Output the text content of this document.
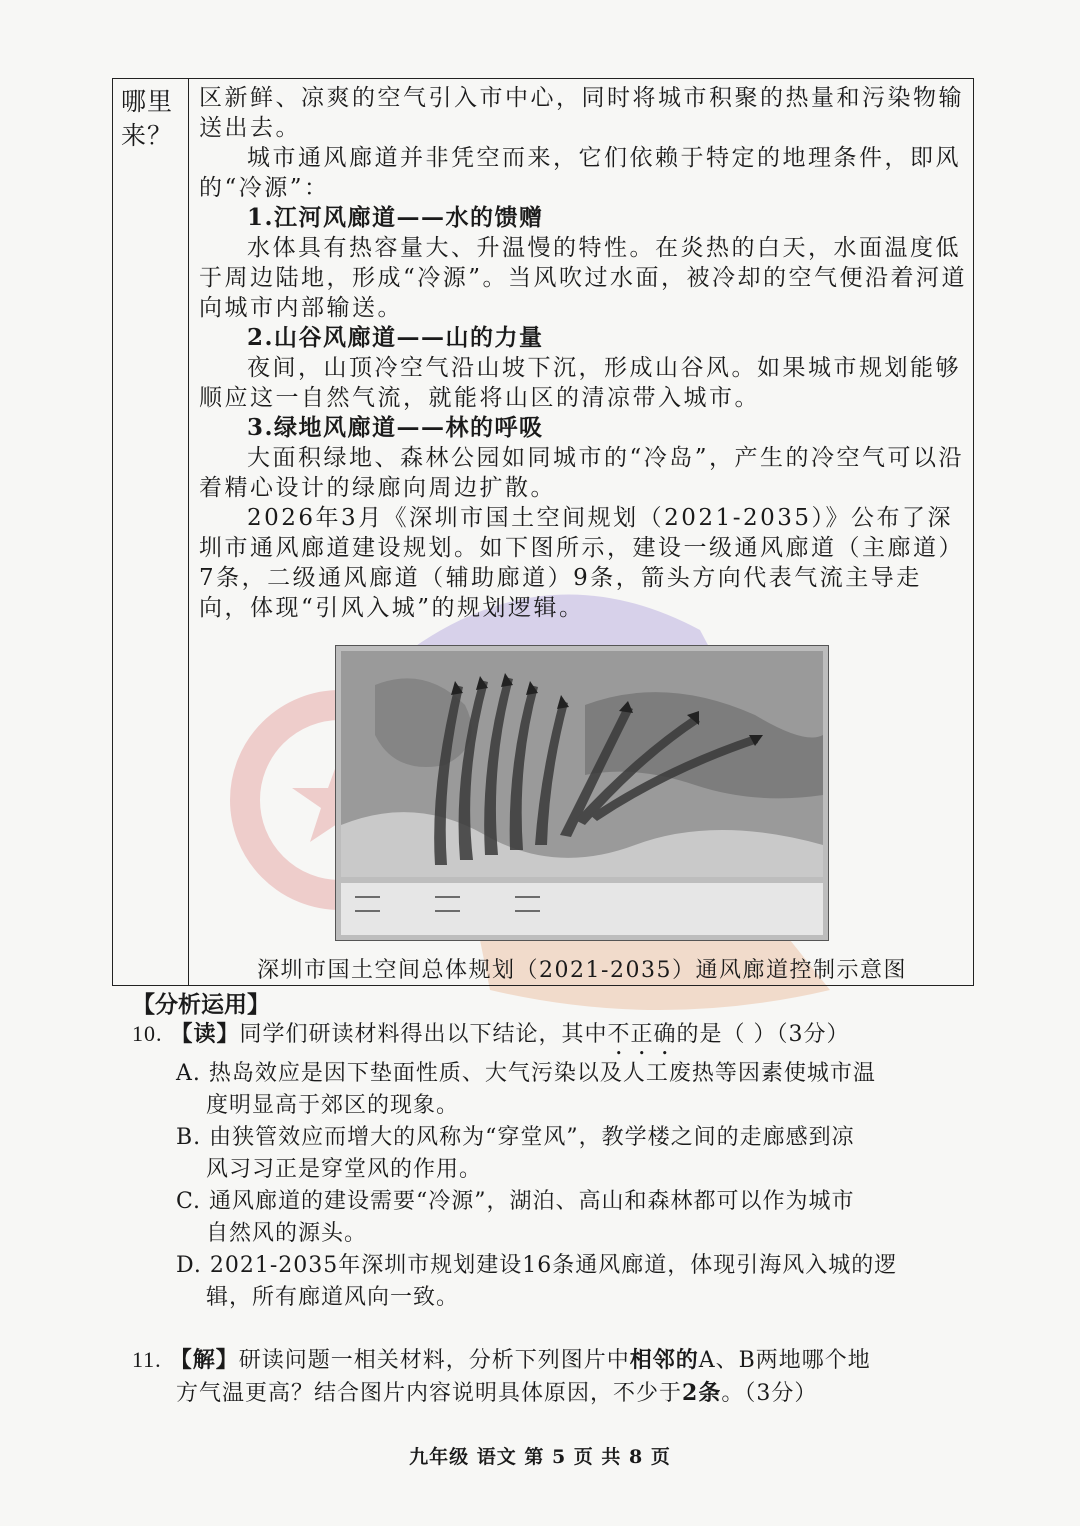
哪里来？

区新鲜、凉爽的空气引入市中心，同时将城市积聚的热量和污染物输送出去。

城市通风廊道并非凭空而来，它们依赖于特定的地理条件，即风的“冷源”：

1.江河风廊道——水的馈赠

水体具有热容量大、升温慢的特性。在炎热的白天，水面温度低于周边陆地，形成“冷源”。当风吹过水面，被冷却的空气便沿着河道向城市内部输送。

2.山谷风廊道——山的力量

夜间，山顶冷空气沿山坡下沉，形成山谷风。如果城市规划能够顺应这一自然气流，就能将山区的清凉带入城市。

3.绿地风廊道——林的呼吸

大面积绿地、森林公园如同城市的“冷岛”，产生的冷空气可以沿着精心设计的绿廊向周边扩散。

2026年3月《深圳市国土空间规划（2021-2035）》公布了深圳市通风廊道建设规划。如下图所示，建设一级通风廊道（主廊道）7条，二级通风廊道（辅助廊道）9条，箭头方向代表气流主导走向，体现“引风入城”的规划逻辑。

深圳市国土空间总体规划（2021-2035）通风廊道控制示意图
【分析运用】
10. 【读】同学们研读材料得出以下结论，其中不正确的是（ ）（3分）
A. 热岛效应是因下垫面性质、大气污染以及人工废热等因素使城市温
度明显高于郊区的现象。
B. 由狭管效应而增大的风称为“穿堂风”，教学楼之间的走廊感到凉
风习习正是穿堂风的作用。
C. 通风廊道的建设需要“冷源”，湖泊、高山和森林都可以作为城市
自然风的源头。
D. 2021-2035年深圳市规划建设16条通风廊道，体现引海风入城的逻
辑，所有廊道风向一致。
11. 【解】研读问题一相关材料，分析下列图片中相邻的A、B两地哪个地
方气温更高？结合图片内容说明具体原因，不少于2条。（3分）
九年级 语文 第 5 页 共 8 页
